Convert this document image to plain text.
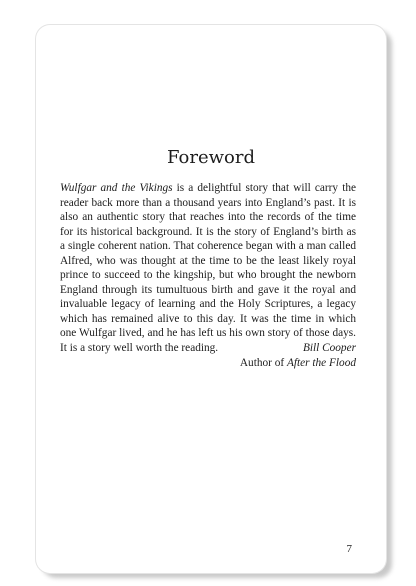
Foreword

Wulfgar and the Vikings is a delightful story that will carry the reader back more than a thousand years into England’s past. It is also an authentic story that reaches into the records of the time for its historical background. It is the story of England’s birth as a single coherent nation. That coherence began with a man called Alfred, who was thought at the time to be the least likely royal prince to succeed to the kingship, but who brought the newborn England through its tumultuous birth and gave it the royal and invaluable legacy of learning and the Holy Scriptures, a legacy which has remained alive to this day. It was the time in which one Wulfgar lived, and he has left us his own story of those days. It is a story well worth the reading.	Bill Cooper
Author of After the Flood
7
